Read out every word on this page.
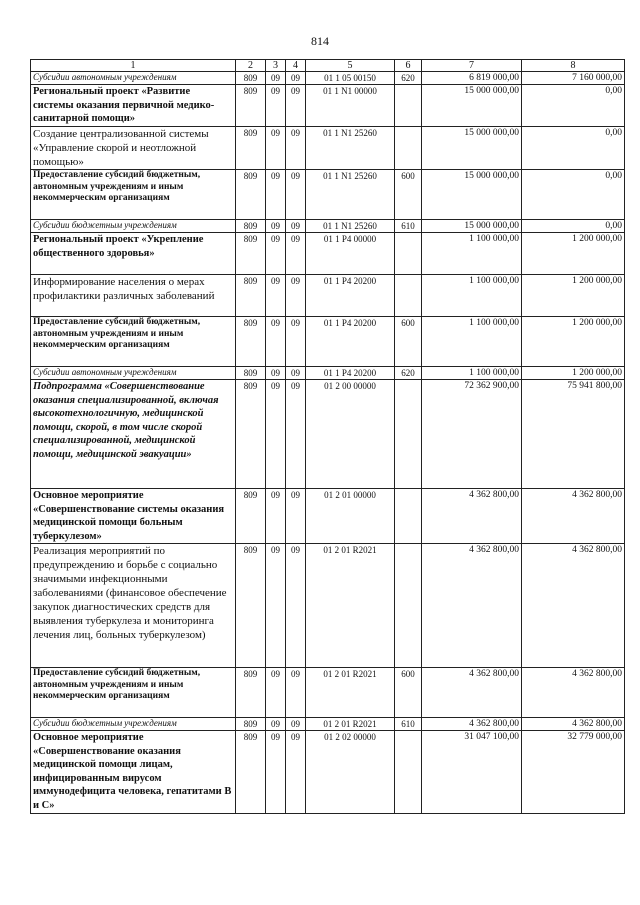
814
1	2	3	4	5	6	7	8
Субсидии автономным учреждениям	809	09	09	01 1 05 00150	620	6 819 000,00	7 160 000,00
Региональный проект «Развитие системы оказания первичной медико-санитарной помощи»	809	09	09	01 1 N1 00000		15 000 000,00	0,00
Создание централизованной системы «Управление скорой и неотложной помощью»	809	09	09	01 1 N1 25260		15 000 000,00	0,00
Предоставление субсидий бюджетным, автономным учреждениям и иным некоммерческим организациям	809	09	09	01 1 N1 25260	600	15 000 000,00	0,00
Субсидии бюджетным учреждениям	809	09	09	01 1 N1 25260	610	15 000 000,00	0,00
Региональный проект «Укрепление общественного здоровья»	809	09	09	01 1 P4 00000		1 100 000,00	1 200 000,00
Информирование населения о мерах профилактики различных заболеваний	809	09	09	01 1 P4 20200		1 100 000,00	1 200 000,00
Предоставление субсидий бюджетным, автономным учреждениям и иным некоммерческим организациям	809	09	09	01 1 P4 20200	600	1 100 000,00	1 200 000,00
Субсидии автономным учреждениям	809	09	09	01 1 P4 20200	620	1 100 000,00	1 200 000,00
Подпрограмма «Совершенствование оказания специализированной, включая высокотехнологичную, медицинской помощи, скорой, в том числе скорой специализированной, медицинской помощи, медицинской эвакуации»	809	09	09	01 2 00 00000		72 362 900,00	75 941 800,00
Основное мероприятие «Совершенствование системы оказания медицинской помощи больным туберкулезом»	809	09	09	01 2 01 00000		4 362 800,00	4 362 800,00
Реализация мероприятий по предупреждению и борьбе с социально значимыми инфекционными заболеваниями (финансовое обеспечение закупок диагностических средств для выявления туберкулеза и мониторинга лечения лиц, больных туберкулезом)	809	09	09	01 2 01 R2021		4 362 800,00	4 362 800,00
Предоставление субсидий бюджетным, автономным учреждениям и иным некоммерческим организациям	809	09	09	01 2 01 R2021	600	4 362 800,00	4 362 800,00
Субсидии бюджетным учреждениям	809	09	09	01 2 01 R2021	610	4 362 800,00	4 362 800,00
Основное мероприятие «Совершенствование оказания медицинской помощи лицам, инфицированным вирусом иммунодефицита человека, гепатитами В и С»	809	09	09	01 2 02 00000		31 047 100,00	32 779 000,00
